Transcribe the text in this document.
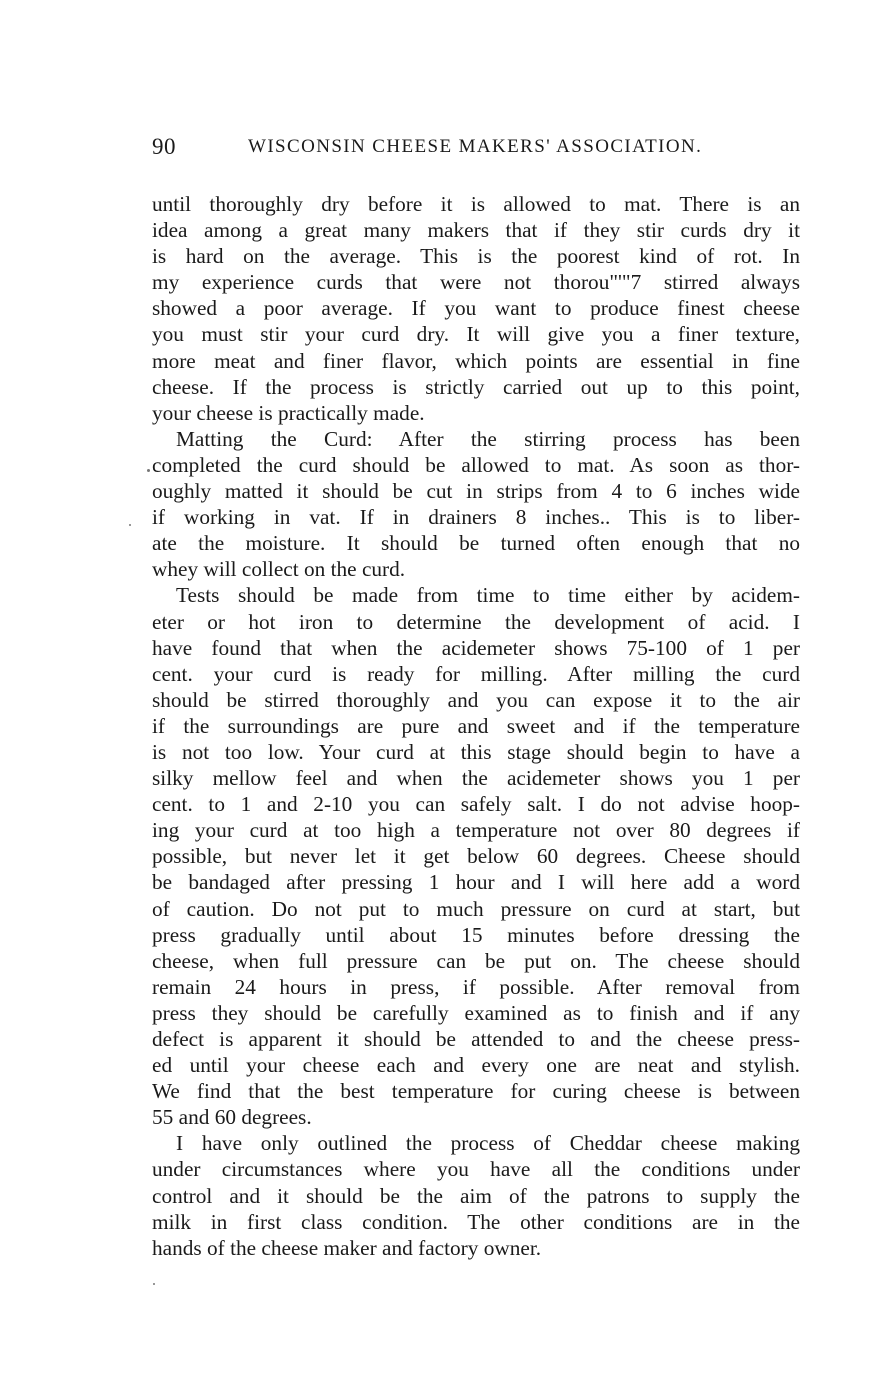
90	WISCONSIN CHEESE MAKERS' ASSOCIATION.
until thoroughly dry before it is allowed to mat. There is an
idea among a great many makers that if they stir curds dry it
is hard on the average. This is the poorest kind of rot. In
my experience curds that were not thorou"'"7 stirred always
showed a poor average. If you want to produce finest cheese
you must stir your curd dry. It will give you a finer texture,
more meat and finer flavor, which points are essential in fine
cheese. If the process is strictly carried out up to this point,
your cheese is practically made.
Matting the Curd: After the stirring process has been
completed the curd should be allowed to mat. As soon as thor-
oughly matted it should be cut in strips from 4 to 6 inches wide
if working in vat. If in drainers 8 inches.. This is to liber-
ate the moisture. It should be turned often enough that no
whey will collect on the curd.
Tests should be made from time to time either by acidem-
eter or hot iron to determine the development of acid. I
have found that when the acidemeter shows 75-100 of 1 per
cent. your curd is ready for milling. After milling the curd
should be stirred thoroughly and you can expose it to the air
if the surroundings are pure and sweet and if the temperature
is not too low. Your curd at this stage should begin to have a
silky mellow feel and when the acidemeter shows you 1 per
cent. to 1 and 2-10 you can safely salt. I do not advise hoop-
ing your curd at too high a temperature not over 80 degrees if
possible, but never let it get below 60 degrees. Cheese should
be bandaged after pressing 1 hour and I will here add a word
of caution. Do not put to much pressure on curd at start, but
press gradually until about 15 minutes before dressing the
cheese, when full pressure can be put on. The cheese should
remain 24 hours in press, if possible. After removal from
press they should be carefully examined as to finish and if any
defect is apparent it should be attended to and the cheese press-
ed until your cheese each and every one are neat and stylish.
We find that the best temperature for curing cheese is between
55 and 60 degrees.
I have only outlined the process of Cheddar cheese making
under circumstances where you have all the conditions under
control and it should be the aim of the patrons to supply the
milk in first class condition. The other conditions are in the
hands of the cheese maker and factory owner.
